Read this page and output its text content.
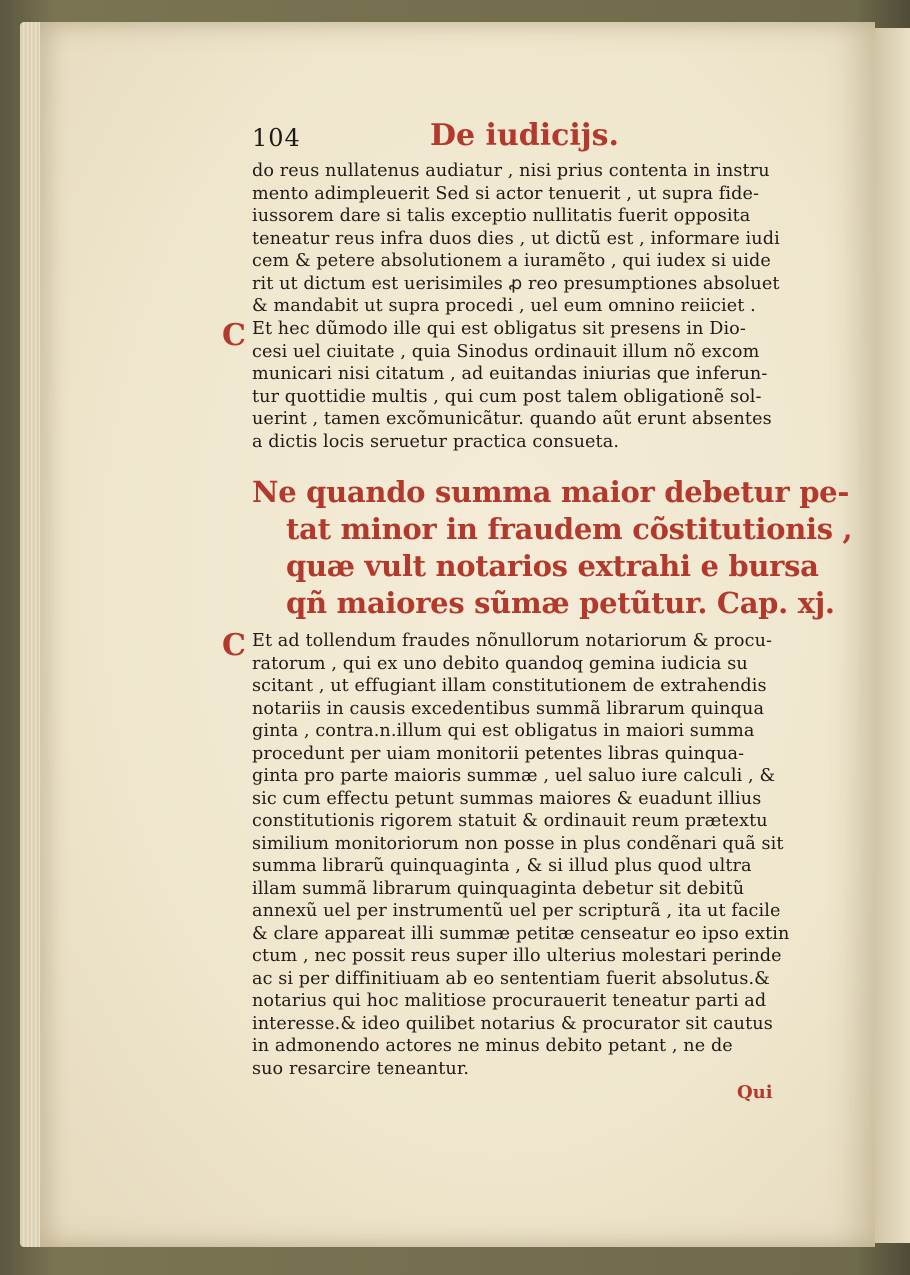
104	De iudicijs.
do reus nullatenus audiatur , nisi prius contenta in instru
mento adimpleuerit Sed si actor tenuerit , ut supra fide-
iussorem dare si talis exceptio nullitatis fuerit opposita
teneatur reus infra duos dies , ut dictũ est , informare iudi
cem & petere absolutionem a iuramẽto , qui iudex si uide
rit ut dictum est uerisimiles ꝓ reo presumptiones absoluet
& mandabit ut supra procedi , uel eum omnino reiiciet .
C Et hec dũmodo ille qui est obligatus sit presens in Dio-
cesi uel ciuitate , quia Sinodus ordinauit illum nõ excom
municari nisi citatum , ad euitandas iniurias que inferun-
tur quottidie multis , qui cum post talem obligationẽ sol-
uerint , tamen excõmunicãtur. quando aũt erunt absentes
a dictis locis seruetur practica consueta.
Ne quando summa maior debetur pe-
tat minor in fraudem cõstitutionis ,
quæ vult notarios extrahi e bursa
qñ maiores sũmæ petũtur. Cap. xj.
C Et ad tollendum fraudes nõnullorum notariorum & procu-
ratorum , qui ex uno debito quandoq gemina iudicia su
scitant , ut effugiant illam constitutionem de extrahendis
notariis in causis excedentibus summã librarum quinqua
ginta , contra.n.illum qui est obligatus in maiori summa
procedunt per uiam monitorii petentes libras quinqua-
ginta pro parte maioris summæ , uel saluo iure calculi , &
sic cum effectu petunt summas maiores & euadunt illius
constitutionis rigorem statuit & ordinauit reum prætextu
similium monitoriorum non posse in plus condẽnari quã sit
summa librarũ quinquaginta , & si illud plus quod ultra
illam summã librarum quinquaginta debetur sit debitũ
annexũ uel per instrumentũ uel per scripturã , ita ut facile
& clare appareat illi summæ petitæ censeatur eo ipso extin
ctum , nec possit reus super illo ulterius molestari perinde
ac si per diffinitiuam ab eo sententiam fuerit absolutus.&
notarius qui hoc malitiose procurauerit teneatur parti ad
interesse.& ideo quilibet notarius & procurator sit cautus
in admonendo actores ne minus debito petant , ne de
suo resarcire teneantur.
Qui
